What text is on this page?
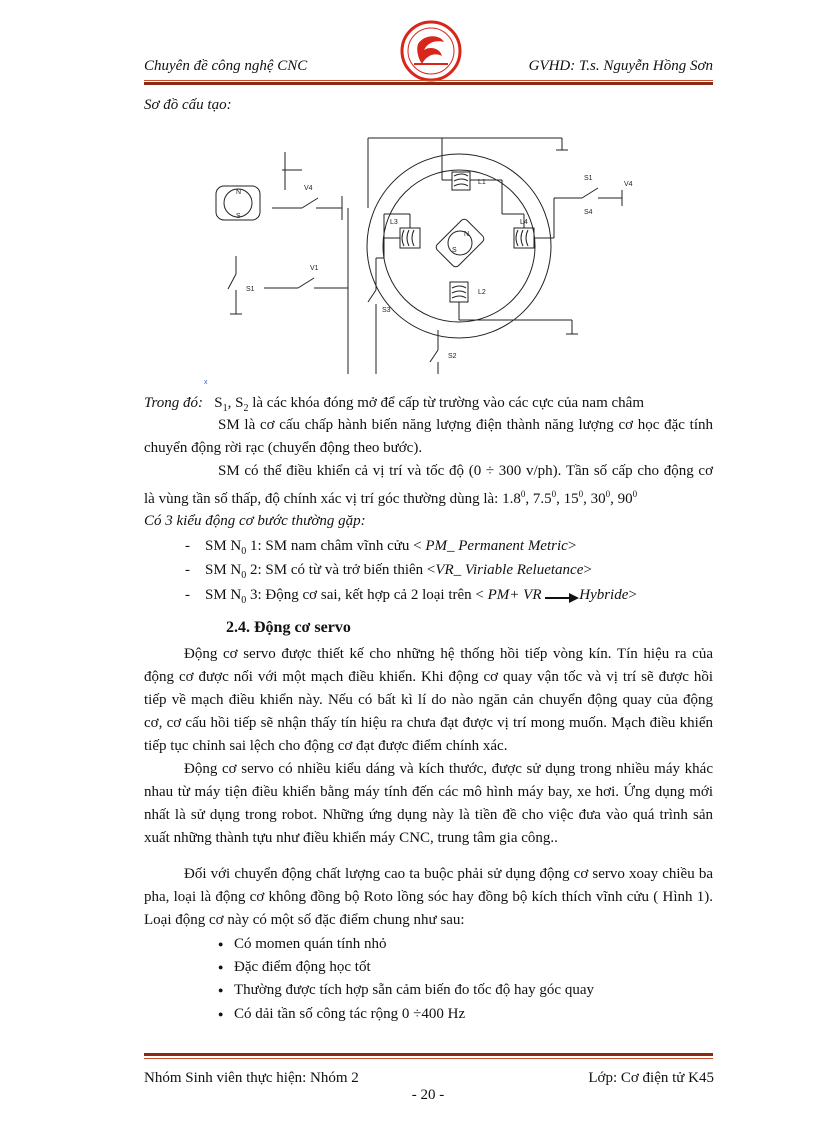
Chuyên đề công nghệ CNC	GVHD: T.s. Nguyễn Hồng Sơn
Sơ đồ cấu tạo:
V4
V1
S1
L1
L2
L3	L4
S1
V4
S4
S3
S2
N
S
N
S
x
Trong đó: $S_1$, $S_2$ là các khóa đóng mở để cấp từ trường vào các cực của nam châm
SM là cơ cấu chấp hành biến năng lượng điện thành năng lượng cơ học đặc tính
chuyển động rời rạc (chuyển động theo bước).
SM có thể điều khiển cả vị trí và tốc độ (0 ÷ 300 v/ph). Tần số cấp cho động cơ
là vùng tần số thấp, độ chính xác vị trí góc thường dùng là: $1.8^0$, $7.5^0$, $15^0$, $30^0$, $90^0$
Có 3 kiểu động cơ bước thường gặp:
-    SM $N_0$ 1: SM nam châm vĩnh cửu < PM_ Permanent Metric>
-    SM $N_0$ 2: SM có từ và trở biến thiên <VR_ Viriable Reluetance>
-    SM $N_0$ 3: Động cơ sai, kết hợp cả 2 loại trên < PM+ VR	Hybride>
2.4. Động cơ servo
Động cơ servo được thiết kế cho những hệ thống hồi tiếp vòng kín. Tín hiệu ra của
động cơ được nối với một mạch điều khiển. Khi động cơ quay vận tốc và vị trí sẽ được hồi
tiếp về mạch điều khiển này. Nếu có bất kì lí do nào ngăn cản chuyển động quay của động
cơ, cơ cấu hồi tiếp sẽ nhận thấy tín hiệu ra chưa đạt được vị trí mong muốn. Mạch điều khiển
tiếp tục chỉnh sai lệch cho động cơ đạt được điểm chính xác.
Động cơ servo có nhiều kiểu dáng và kích thước, được sử dụng trong nhiều máy khác
nhau từ máy tiện điều khiển bằng máy tính đến các mô hình máy bay, xe hơi. Ứng dụng mới
nhất là sử dụng trong robot. Những ứng dụng này là tiền đề cho việc đưa vào quá trình sản
xuất những thành tựu như điều khiển máy CNC, trung tâm gia công..
Đối với chuyển động chất lượng cao ta buộc phải sử dụng động cơ servo xoay chiều ba
pha, loại là động cơ không đồng bộ Roto lồng sóc hay đồng bộ kích thích vĩnh cửu ( Hình 1).
Loại động cơ này có một số đặc điểm chung như sau:
● Có momen quán tính nhỏ
● Đặc điểm động học tốt
● Thường được tích hợp sẵn cảm biến đo tốc độ hay góc quay
● Có dải tần số công tác rộng 0 ÷400 Hz
Nhóm Sinh viên thực hiện: Nhóm 2	Lớp: Cơ điện tử K45
- 20 -
